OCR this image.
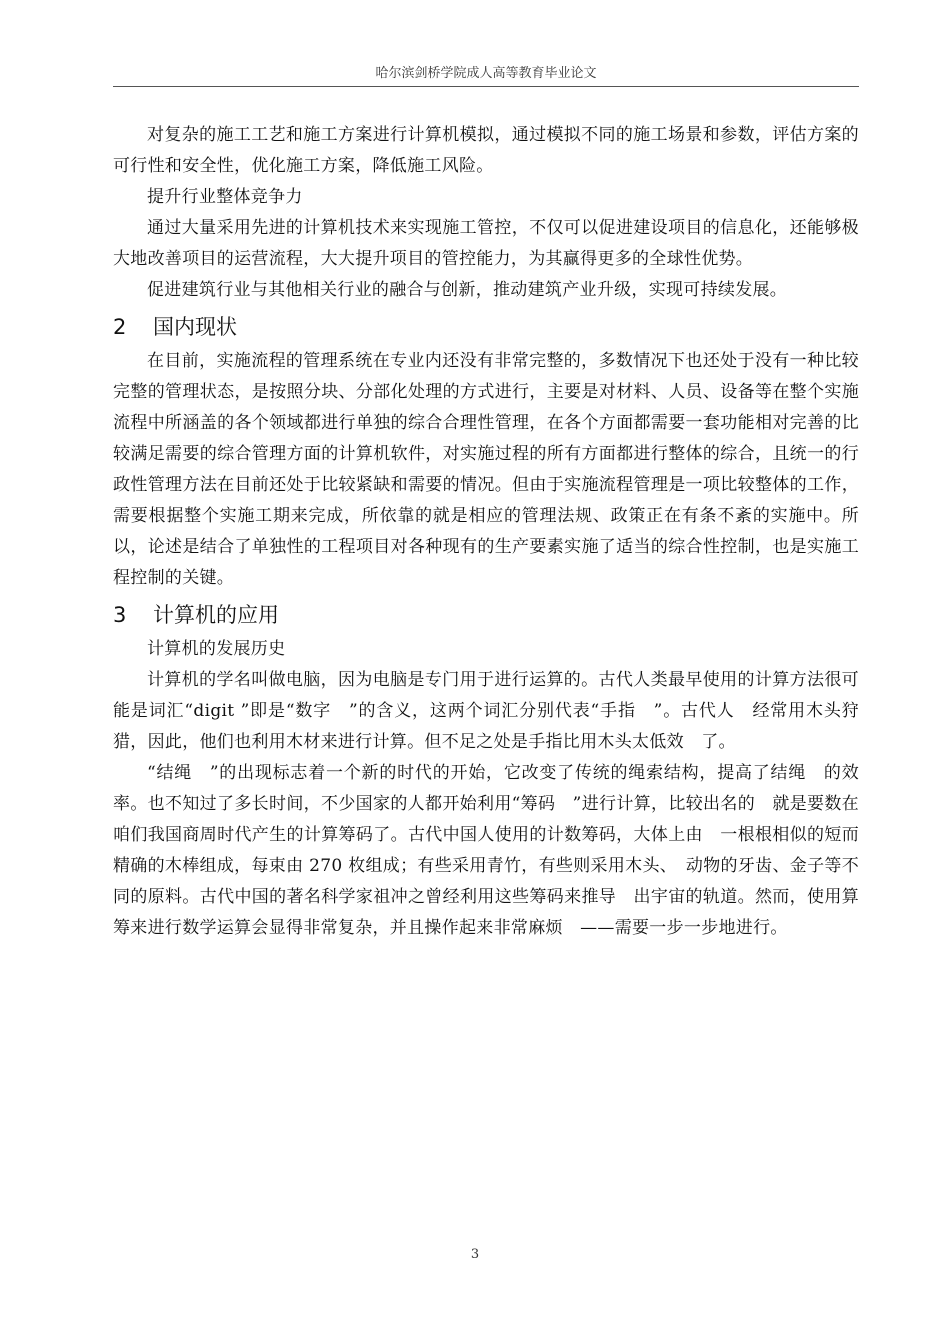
哈尔滨剑桥学院成人高等教育毕业论文

对复杂的施工工艺和施工方案进行计算机模拟，通过模拟不同的施工场景和参数，评估方案的可行性和安全性，优化施工方案，降低施工风险。

提升行业整体竞争力

通过大量采用先进的计算机技术来实现施工管控，不仅可以促进建设项目的信息化，还能够极大地改善项目的运营流程，大大提升项目的管控能力，为其赢得更多的全球性优势。

促进建筑行业与其他相关行业的融合与创新，推动建筑产业升级，实现可持续发展。

2 国内现状

在目前，实施流程的管理系统在专业内还没有非常完整的，多数情况下也还处于没有一种比较完整的管理状态，是按照分块、分部化处理的方式进行，主要是对材料、人员、设备等在整个实施流程中所涵盖的各个领域都进行单独的综合合理性管理，在各个方面都需要一套功能相对完善的比较满足需要的综合管理方面的计算机软件，对实施过程的所有方面都进行整体的综合，且统一的行政性管理方法在目前还处于比较紧缺和需要的情况。但由于实施流程管理是一项比较整体的工作，需要根据整个实施工期来完成，所依靠的就是相应的管理法规、政策正在有条不紊的实施中。所以，论述是结合了单独性的工程项目对各种现有的生产要素实施了适当的综合性控制，也是实施工程控制的关键。

3 计算机的应用

计算机的发展历史

计算机的学名叫做电脑，因为电脑是专门用于进行运算的。古代人类最早使用的计算方法很可能是词汇“digit ”即是“数字　”的含义，这两个词汇分别代表“手指　”。古代人　经常用木头狩猎，因此，他们也利用木材来进行计算。但不足之处是手指比用木头太低效　了。

“结绳　”的出现标志着一个新的时代的开始，它改变了传统的绳索结构，提高了结绳　的效率。也不知过了多长时间，不少国家的人都开始利用“筹码　”进行计算，比较出名的　就是要数在咱们我国商周时代产生的计算筹码了。古代中国人使用的计数筹码，大体上由　一根根相似的短而精确的木棒组成，每束由 270 枚组成；有些采用青竹，有些则采用木头、　动物的牙齿、金子等不同的原料。古代中国的著名科学家祖冲之曾经利用这些筹码来推导　出宇宙的轨道。然而，使用算筹来进行数学运算会显得非常复杂，并且操作起来非常麻烦　——需要一步一步地进行。

3
